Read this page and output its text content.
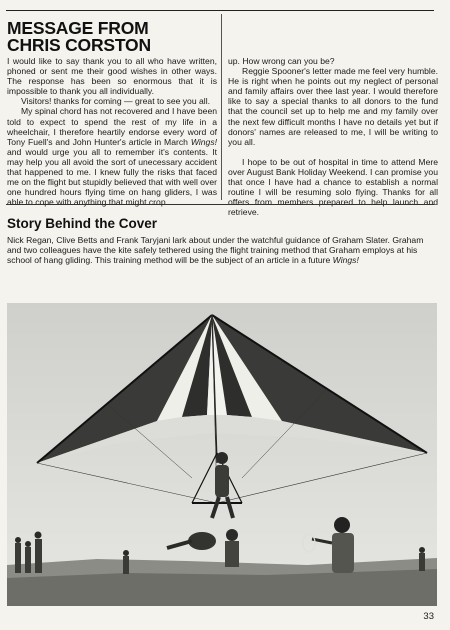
MESSAGE FROM
CHRIS CORSTON

I would like to say thank you to all who have written, phoned or sent me their good wishes in other ways. The response has been so enormous that it is impossible to thank you all individually.

Visitors! thanks for coming — great to see you all.

My spinal chord has not recovered and I have been told to expect to spend the rest of my life in a wheelchair, I therefore heartily endorse every word of Tony Fuell's and John Hunter's article in March Wings! and would urge you all to remember it's contents. It may help you all avoid the sort of unecessary accident that happened to me. I knew fully the risks that faced me on the flight but stupidly believed that with well over one hundred hours flying time on hang gliders, I was able to cope with anything that might crop

up. How wrong can you be?

Reggie Spooner's letter made me feel very humble. He is right when he points out my neglect of personal and family affairs over thee last year. I would therefore like to say a special thanks to all donors to the fund that the council set up to help me and my family over the next few difficult months I have no details yet but if donors' names are released to me, I will be writing to you all.

I hope to be out of hospital in time to attend Mere over August Bank Holiday Weekend. I can promise you that once I have had a chance to establish a normal routine I will be resuming solo flying. Thanks for all offers from members prepared to help launch and retrieve.

Story Behind the Cover

Nick Regan, Clive Betts and Frank Taryjani lark about under the watchful guidance of Graham Slater. Graham and two colleagues have the kite safely tethered using the flight training method that Graham employs at his school of hang gliding. This training method will be the subject of an article in a future Wings!

33
